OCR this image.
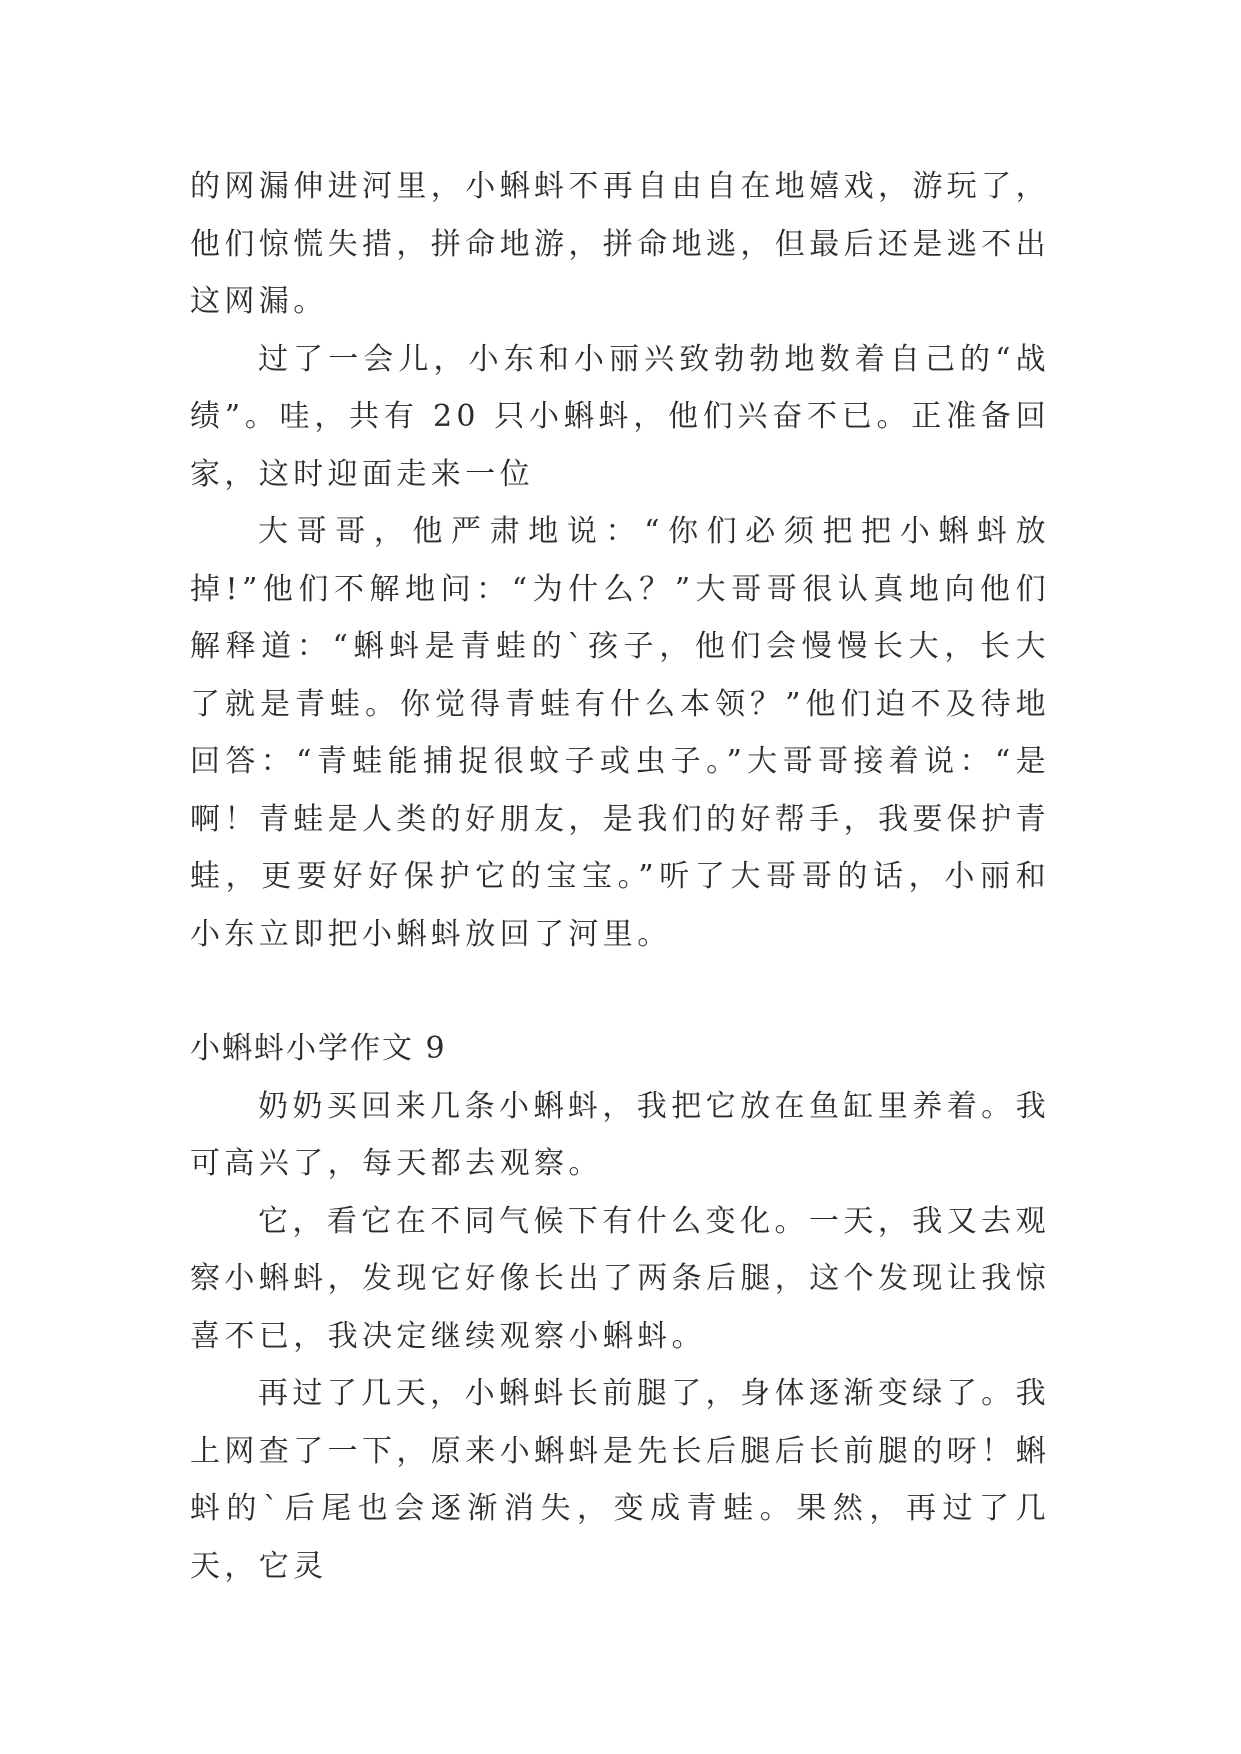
的网漏伸进河里，小蝌蚪不再自由自在地嬉戏，游玩了，他们惊慌失措，拼命地游，拼命地逃，但最后还是逃不出这网漏。

过了一会儿，小东和小丽兴致勃勃地数着自己的“战绩”。哇，共有 20 只小蝌蚪，他们兴奋不已。正准备回家，这时迎面走来一位

大哥哥，他严肃地说：“你们必须把把小蝌蚪放掉!”他们不解地问：“为什么？”大哥哥很认真地向他们解释道：“蝌蚪是青蛙的`孩子，他们会慢慢长大，长大了就是青蛙。你觉得青蛙有什么本领？”他们迫不及待地回答：“青蛙能捕捉很蚊子或虫子。”大哥哥接着说：“是啊！青蛙是人类的好朋友，是我们的好帮手，我要保护青蛙，更要好好保护它的宝宝。”听了大哥哥的话，小丽和小东立即把小蝌蚪放回了河里。

小蝌蚪小学作文 9

奶奶买回来几条小蝌蚪，我把它放在鱼缸里养着。我可高兴了，每天都去观察。

它，看它在不同气候下有什么变化。一天，我又去观察小蝌蚪，发现它好像长出了两条后腿，这个发现让我惊喜不已，我决定继续观察小蝌蚪。

再过了几天，小蝌蚪长前腿了，身体逐渐变绿了。我上网查了一下，原来小蝌蚪是先长后腿后长前腿的呀！蝌蚪的`后尾也会逐渐消失，变成青蛙。果然，再过了几天，它灵
